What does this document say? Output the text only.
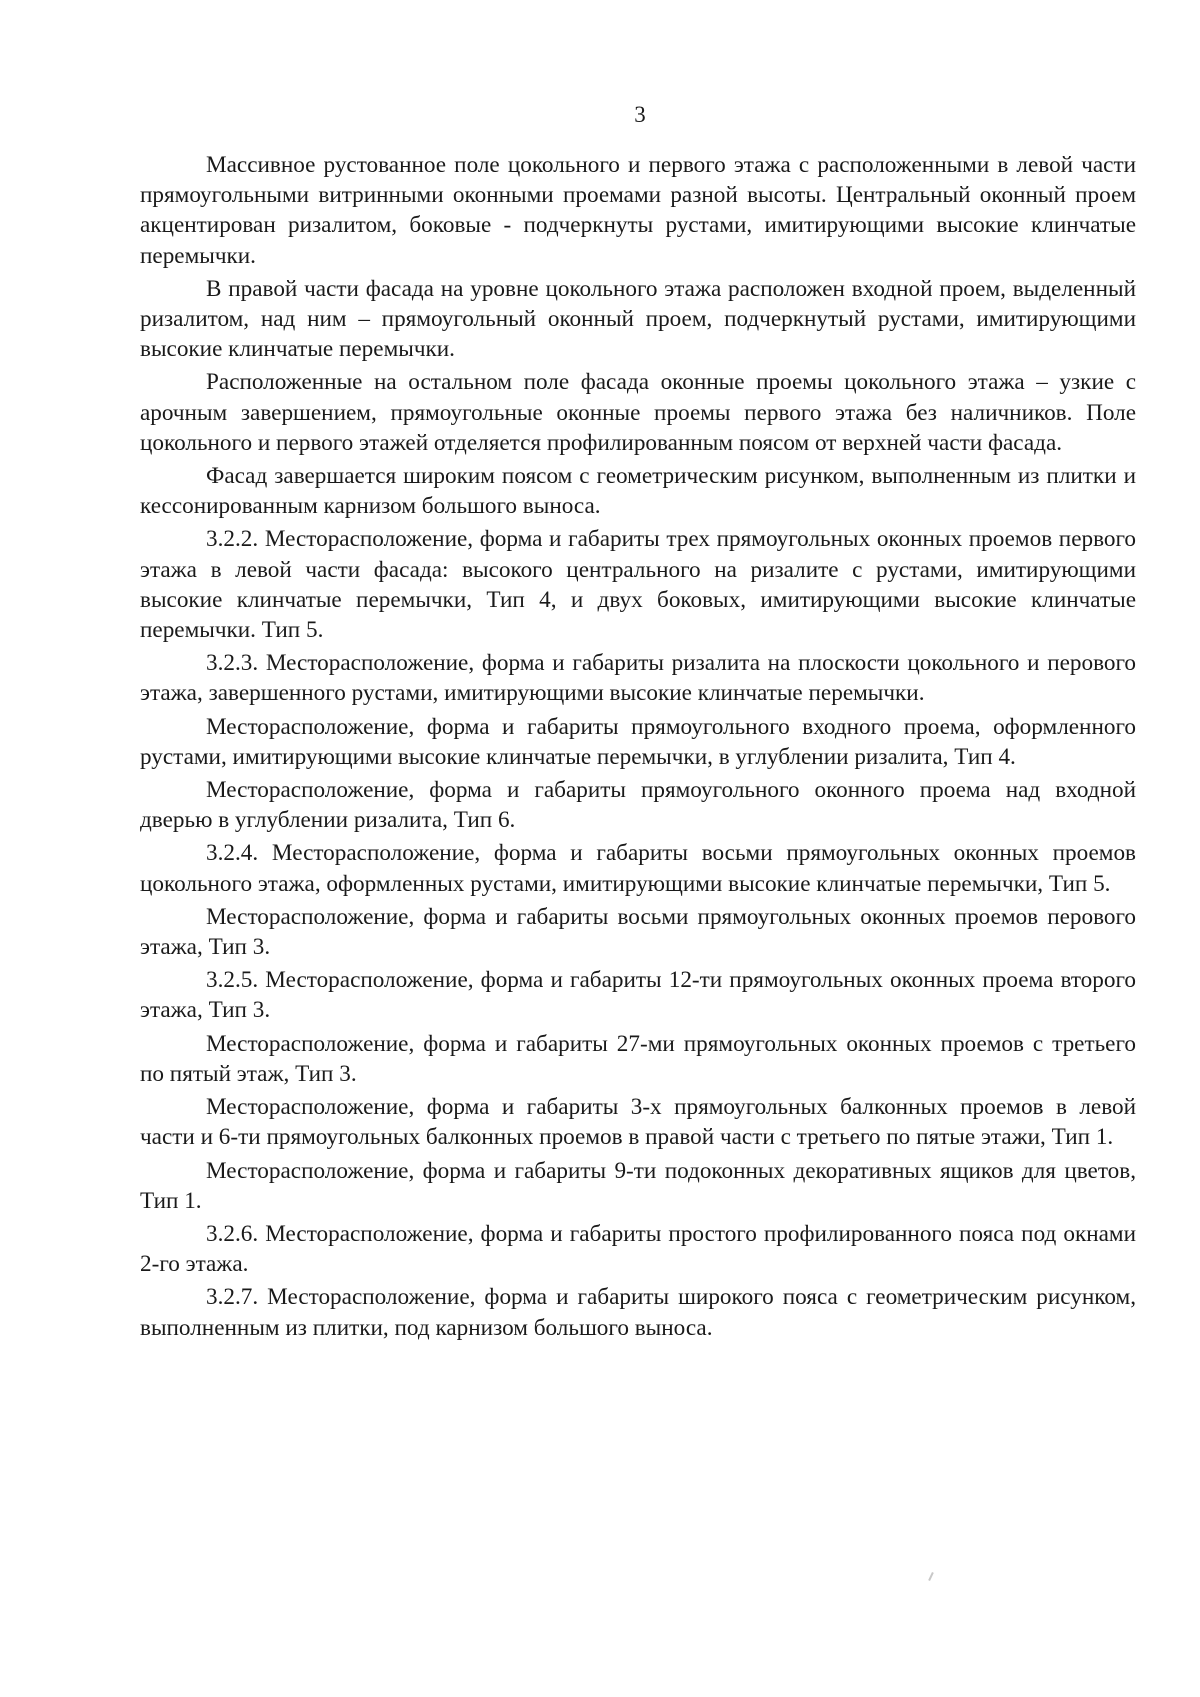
3

Массивное рустованное поле цокольного и первого этажа с расположенными в левой части прямоугольными витринными оконными проемами разной высоты. Центральный оконный проем акцентирован ризалитом, боковые - подчеркнуты рустами, имитирующими высокие клинчатые перемычки.

В правой части фасада на уровне цокольного этажа расположен входной проем, выделенный ризалитом, над ним – прямоугольный оконный проем, подчеркнутый рустами, имитирующими высокие клинчатые перемычки.

Расположенные на остальном поле фасада оконные проемы цокольного этажа – узкие с арочным завершением, прямоугольные оконные проемы первого этажа без наличников. Поле цокольного и первого этажей отделяется профилированным поясом от верхней части фасада.

Фасад завершается широким поясом с геометрическим рисунком, выполненным из плитки и кессонированным карнизом большого выноса.

3.2.2. Месторасположение, форма и габариты трех прямоугольных оконных проемов первого этажа в левой части фасада: высокого центрального на ризалите с рустами, имитирующими высокие клинчатые перемычки, Тип 4, и двух боковых, имитирующими высокие клинчатые перемычки. Тип 5.

3.2.3. Месторасположение, форма и габариты ризалита на плоскости цокольного и перового этажа, завершенного рустами, имитирующими высокие клинчатые перемычки.

Месторасположение, форма и габариты прямоугольного входного проема, оформленного рустами, имитирующими высокие клинчатые перемычки, в углублении ризалита, Тип 4.

Месторасположение, форма и габариты прямоугольного оконного проема над входной дверью в углублении ризалита, Тип 6.

3.2.4. Месторасположение, форма и габариты восьми прямоугольных оконных проемов цокольного этажа, оформленных рустами, имитирующими высокие клинчатые перемычки, Тип 5.

Месторасположение, форма и габариты восьми прямоугольных оконных проемов перового этажа, Тип 3.

3.2.5. Месторасположение, форма и габариты 12-ти прямоугольных оконных проема второго этажа, Тип 3.

Месторасположение, форма и габариты 27-ми прямоугольных оконных проемов с третьего по пятый этаж, Тип 3.

Месторасположение, форма и габариты 3-х прямоугольных балконных проемов в левой части и 6-ти прямоугольных балконных проемов в правой части с третьего по пятые этажи, Тип 1.

Месторасположение, форма и габариты 9-ти подоконных декоративных ящиков для цветов, Тип 1.

3.2.6. Месторасположение, форма и габариты простого профилированного пояса под окнами 2-го этажа.

3.2.7. Месторасположение, форма и габариты широкого пояса с геометрическим рисунком, выполненным из плитки, под карнизом большого выноса.
